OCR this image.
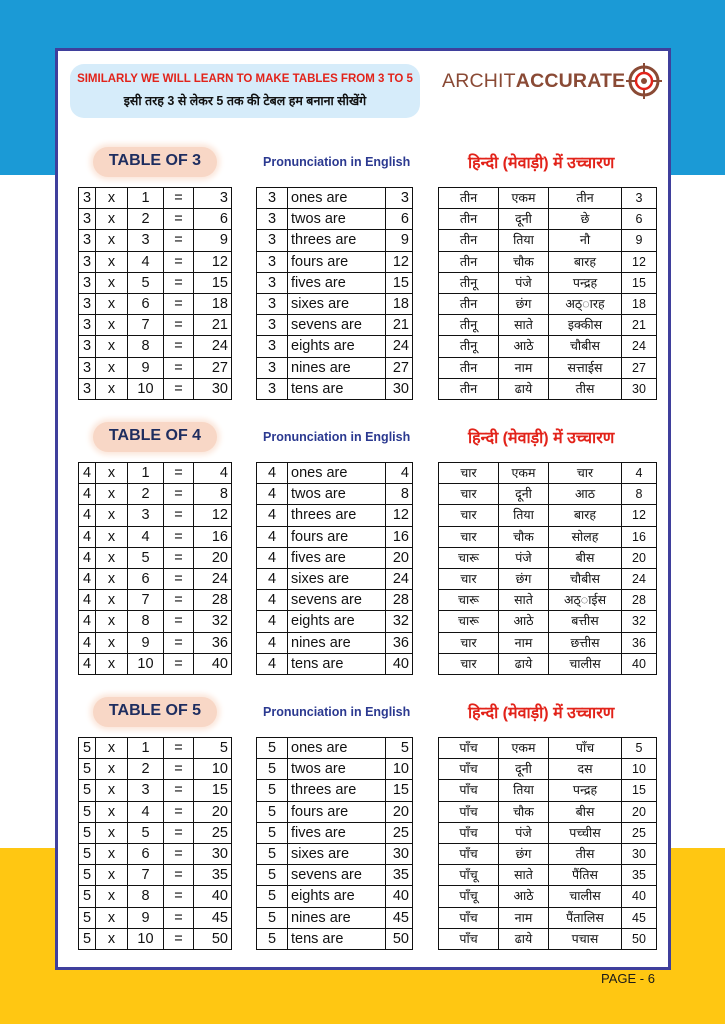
SIMILARLY WE WILL LEARN TO MAKE TABLES FROM 3 TO 5
इसी तरह 3 से लेकर 5 तक की टेबल हम बनाना सीखेंगे
ARCHITACCURATE
TABLE OF 3	Pronunciation in English	हिन्दी (मेवाड़ी) में उच्चारण
3	x	1	=	3
3	x	2	=	6
3	x	3	=	9
3	x	4	=	12
3	x	5	=	15
3	x	6	=	18
3	x	7	=	21
3	x	8	=	24
3	x	9	=	27
3	x	10	=	30
3	ones are	3
3	twos are	6
3	threes are	9
3	fours are	12
3	fives are	15
3	sixes are	18
3	sevens are	21
3	eights are	24
3	nines are	27
3	tens are	30
तीन	एकम	तीन	3
तीन	दूनी	छे	6
तीन	तिया	नौ	9
तीन	चौक	बारह	12
तीनू	पंजे	पन्द्रह	15
तीन	छंग	अठ्ारह	18
तीनू	साते	इक्कीस	21
तीनू	आठे	चौबीस	24
तीन	नाम	सत्ताईस	27
तीन	ढाये	तीस	30
TABLE OF 4	Pronunciation in English	हिन्दी (मेवाड़ी) में उच्चारण
4	x	1	=	4
4	x	2	=	8
4	x	3	=	12
4	x	4	=	16
4	x	5	=	20
4	x	6	=	24
4	x	7	=	28
4	x	8	=	32
4	x	9	=	36
4	x	10	=	40
4	ones are	4
4	twos are	8
4	threes are	12
4	fours are	16
4	fives are	20
4	sixes are	24
4	sevens are	28
4	eights are	32
4	nines are	36
4	tens are	40
चार	एकम	चार	4
चार	दूनी	आठ	8
चार	तिया	बारह	12
चार	चौक	सोलह	16
चारू	पंजे	बीस	20
चार	छंग	चौबीस	24
चारू	साते	अठ्ाईस	28
चारू	आठे	बत्तीस	32
चार	नाम	छत्तीस	36
चार	ढाये	चालीस	40
TABLE OF 5	Pronunciation in English	हिन्दी (मेवाड़ी) में उच्चारण
5	x	1	=	5
5	x	2	=	10
5	x	3	=	15
5	x	4	=	20
5	x	5	=	25
5	x	6	=	30
5	x	7	=	35
5	x	8	=	40
5	x	9	=	45
5	x	10	=	50
5	ones are	5
5	twos are	10
5	threes are	15
5	fours are	20
5	fives are	25
5	sixes are	30
5	sevens are	35
5	eights are	40
5	nines are	45
5	tens are	50
पाँच	एकम	पाँच	5
पाँच	दूनी	दस	10
पाँच	तिया	पन्द्रह	15
पाँच	चौक	बीस	20
पाँच	पंजे	पच्चीस	25
पाँच	छंग	तीस	30
पाँचू	साते	पैंतिस	35
पाँचू	आठे	चालीस	40
पाँच	नाम	पैंतालिस	45
पाँच	ढाये	पचास	50
PAGE - 6
